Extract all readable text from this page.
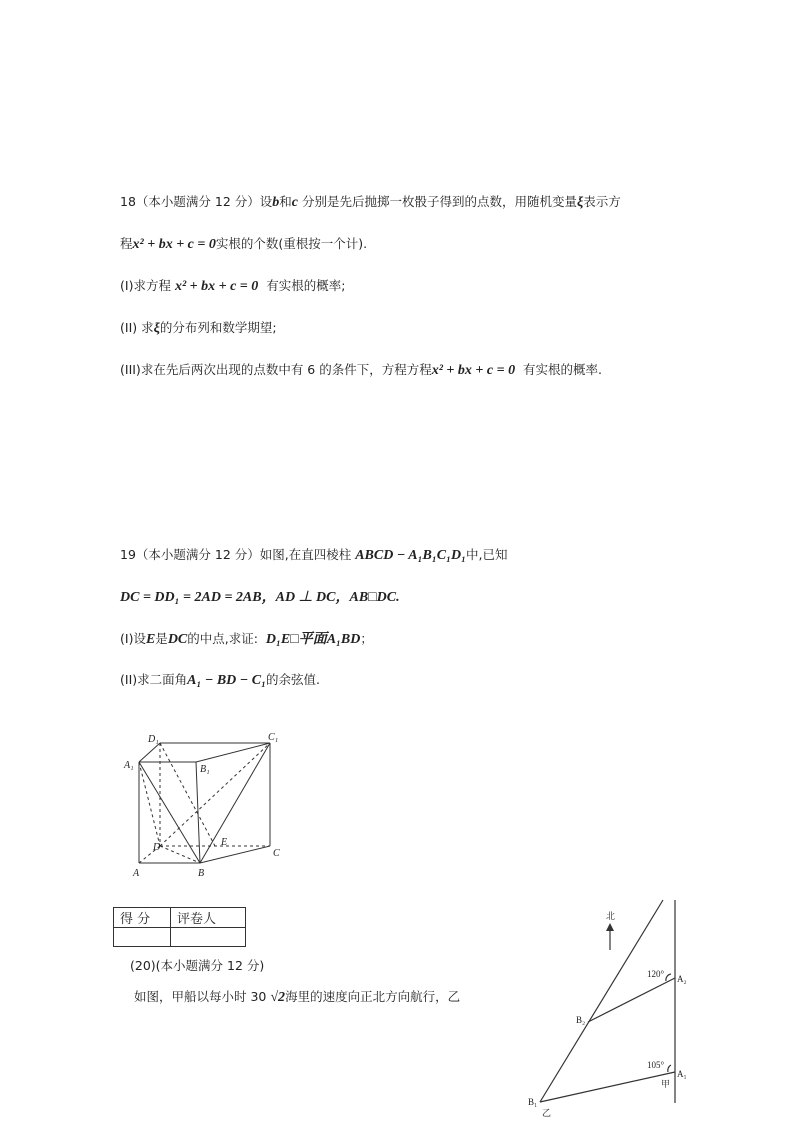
18（本小题满分 12 分）设b和c 分别是先后抛掷一枚骰子得到的点数，用随机变量ξ表示方
程x² + bx + c = 0实根的个数(重根按一个计).
(I)求方程 x² + bx + c = 0 有实根的概率;
(II) 求ξ的分布列和数学期望;
(III)求在先后两次出现的点数中有 6 的条件下，方程方程x² + bx + c = 0 有实根的概率.
19（本小题满分 12 分）如图,在直四棱柱 ABCD − A₁B₁C₁D₁中,已知
DC = DD₁ = 2AD = 2AB，AD ⊥ DC，AB□DC.
(I)设E是DC的中点,求证: D₁E□平面A₁BD；
(II)求二面角A₁ − BD − C₁的余弦值.
D₁	C₁
A₁	B₁
D	E
C
A	B
得 分	评卷人

(20)(本小题满分 12 分)
如图，甲船以每小时 30 √2海里的速度向正北方向航行，乙
北
120° A₂
B₂
105°
A₁
甲
B₁
乙
